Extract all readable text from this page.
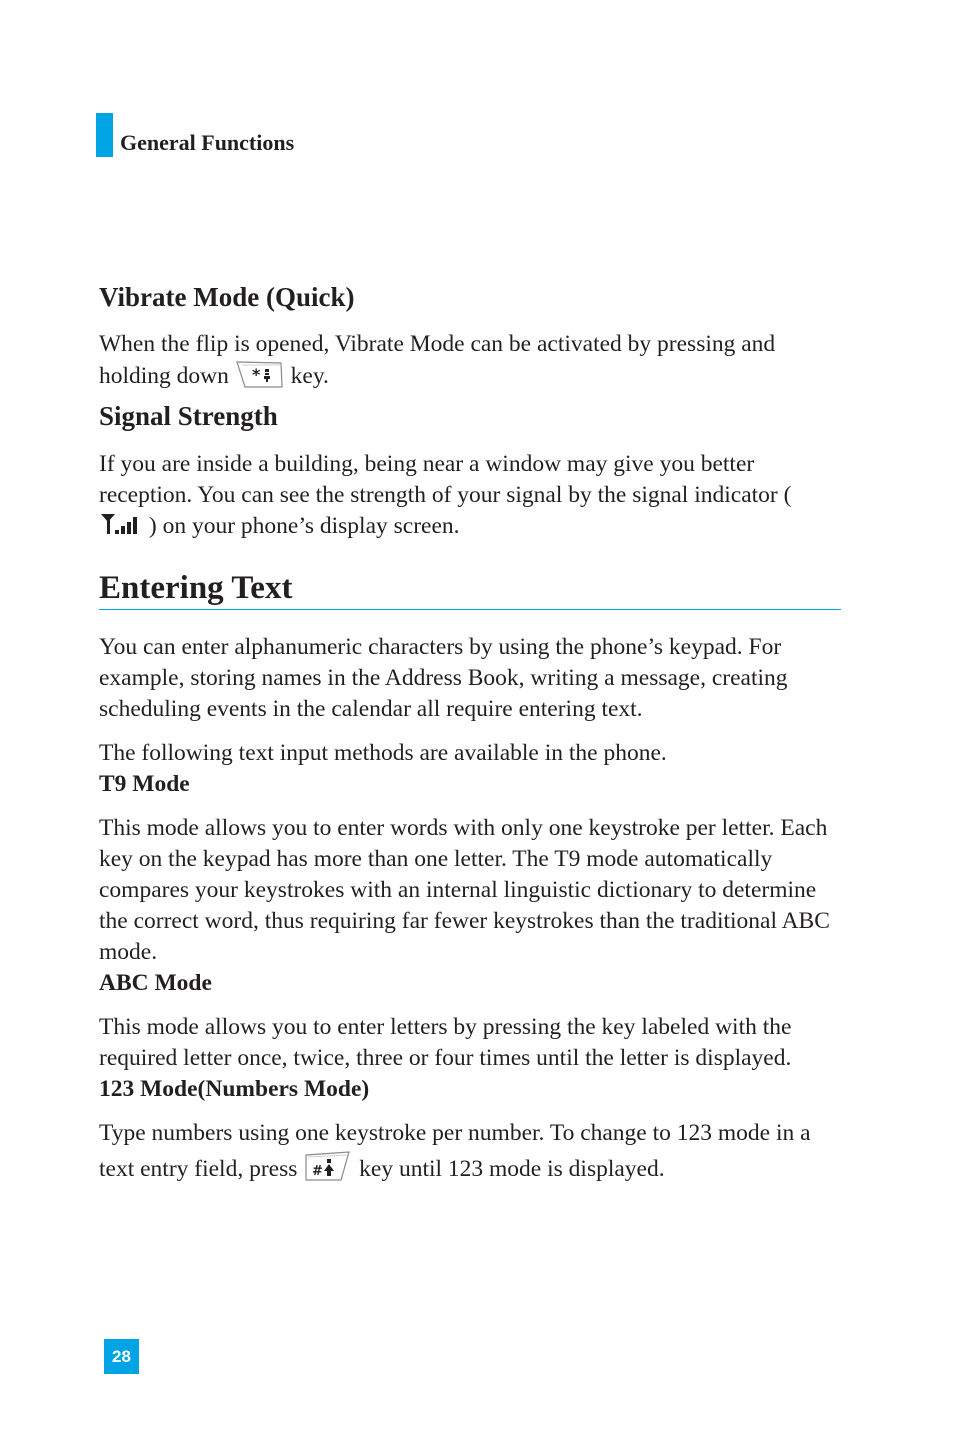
General Functions
Vibrate Mode (Quick)

When the flip is opened, Vibrate Mode can be activated by pressing and holding down * key.

Signal Strength

If you are inside a building, being near a window may give you better reception. You can see the strength of your signal by the signal indicator (  ) on your phone’s display screen.

Entering Text

You can enter alphanumeric characters by using the phone’s keypad. For example, storing names in the Address Book, writing a message, creating scheduling events in the calendar all require entering text.

The following text input methods are available in the phone.

T9 Mode

This mode allows you to enter words with only one keystroke per letter. Each key on the keypad has more than one letter. The T9 mode automatically compares your keystrokes with an internal linguistic dictionary to determine the correct word, thus requiring far fewer keystrokes than the traditional ABC mode.

ABC Mode

This mode allows you to enter letters by pressing the key labeled with the required letter once, twice, three or four times until the letter is displayed.

123 Mode(Numbers Mode)

Type numbers using one keystroke per number. To change to 123 mode in a text entry field, press # key until 123 mode is displayed.

28
